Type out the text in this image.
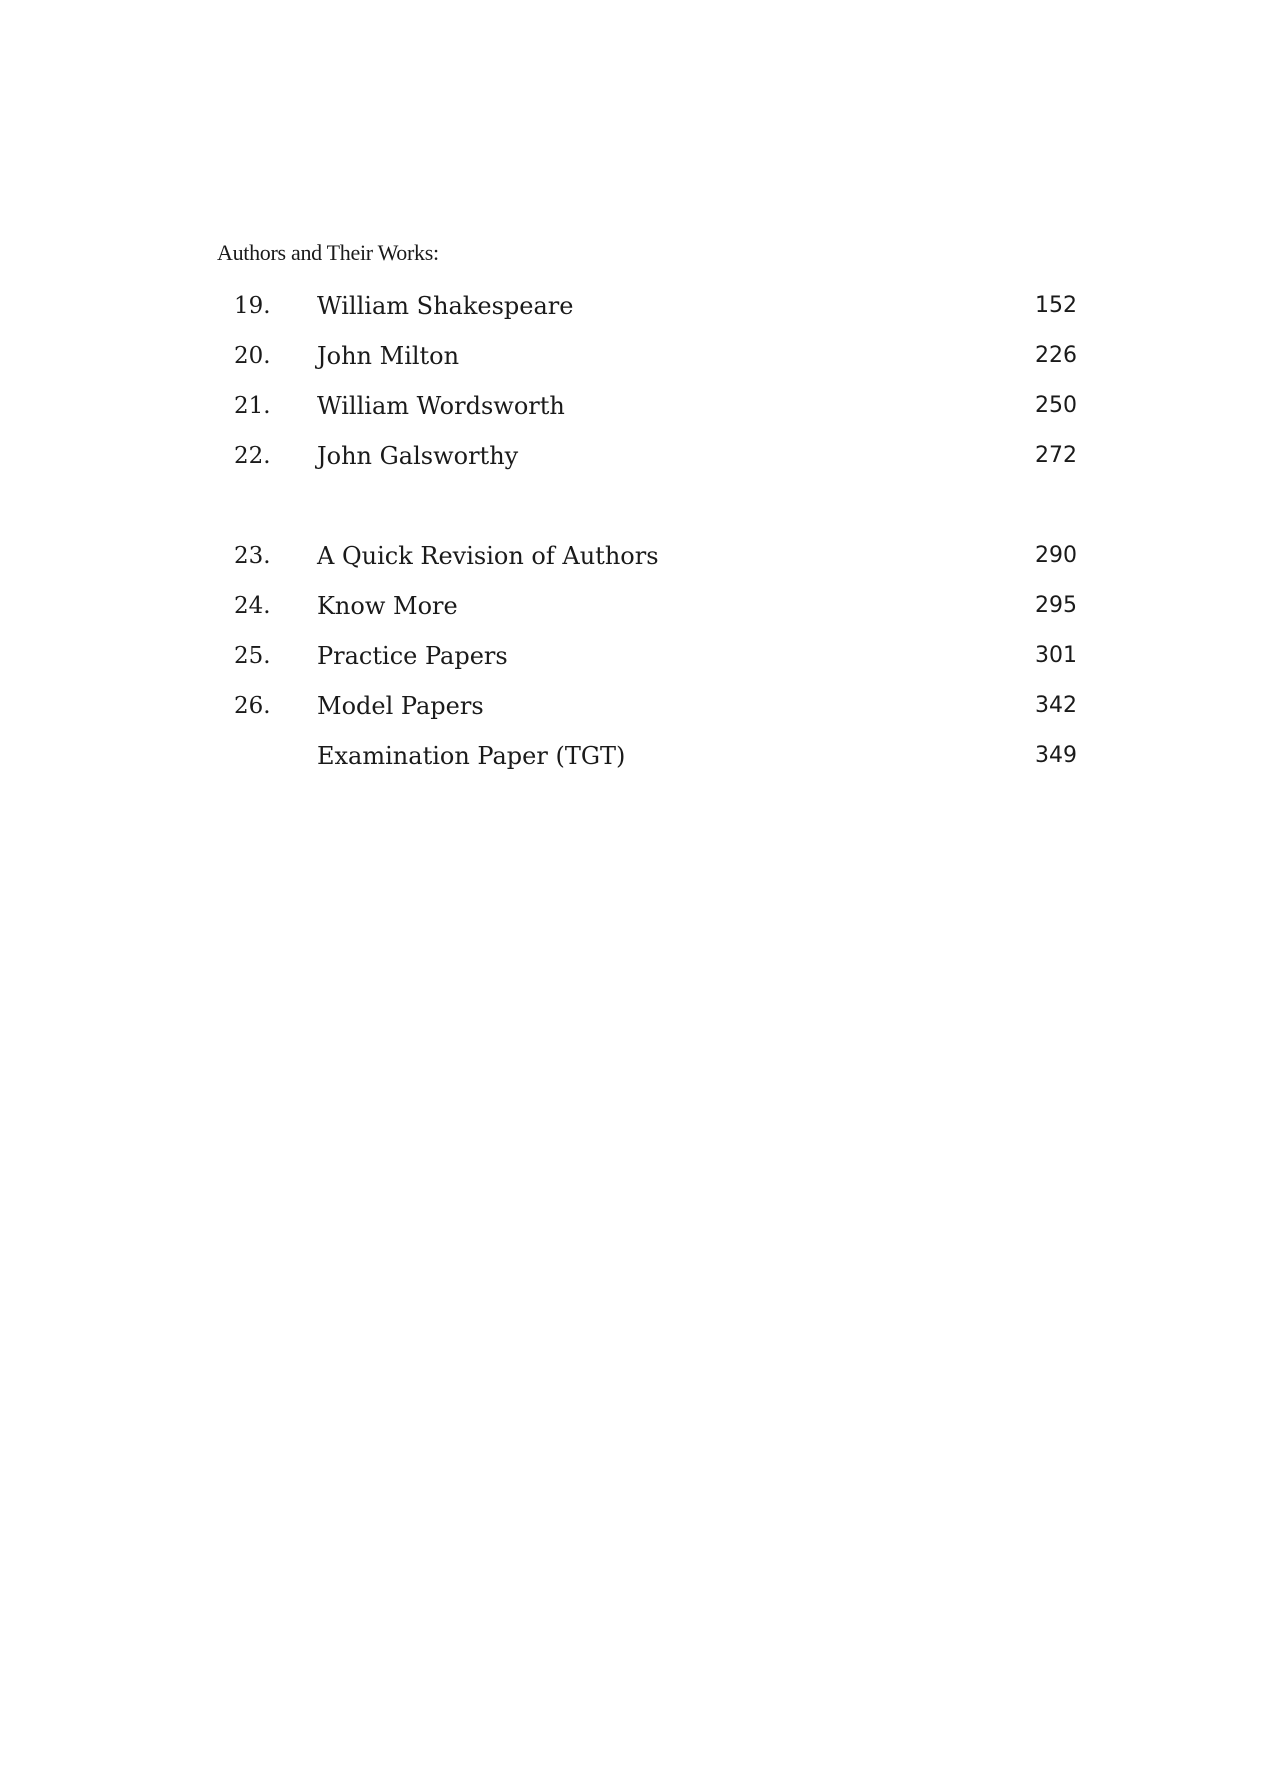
Authors and Their Works:
19.	William Shakespeare	152
20.	John Milton	226
21.	William Wordsworth	250
22.	John Galsworthy	272
23.	A Quick Revision of Authors	290
24.	Know More	295
25.	Practice Papers	301
26.	Model Papers	342
Examination Paper (TGT)	349
